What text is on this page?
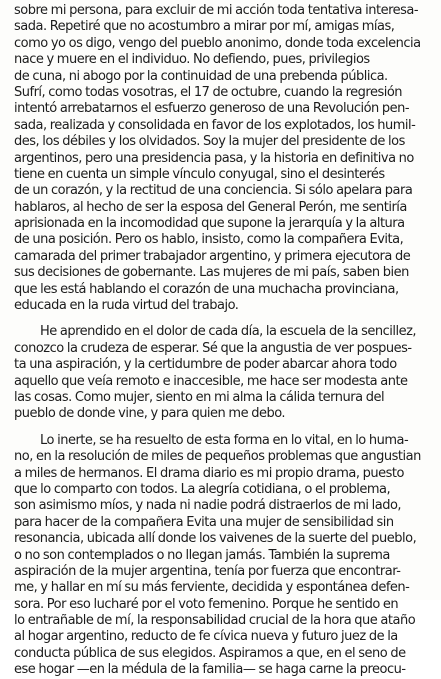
sobre mi persona, para excluir de mi acción toda tentativa interesa-
sada. Repetiré que no acostumbro a mirar por mí, amigas mías,
como yo os digo, vengo del pueblo anonimo, donde toda excelencia
nace y muere en el individuo. No defiendo, pues, privilegios
de cuna, ni abogo por la continuidad de una prebenda pública.
Sufrí, como todas vosotras, el 17 de octubre, cuando la regresión
intentó arrebatarnos el esfuerzo generoso de una Revolución pen-
sada, realizada y consolidada en favor de los explotados, los humil-
des, los débiles y los olvidados. Soy la mujer del presidente de los
argentinos, pero una presidencia pasa, y la historia en definitiva no
tiene en cuenta un simple vínculo conyugal, sino el desinterés
de un corazón, y la rectitud de una conciencia. Si sólo apelara para
hablaros, al hecho de ser la esposa del General Perón, me sentiría
aprisionada en la incomodidad que supone la jerarquía y la altura
de una posición. Pero os hablo, insisto, como la compañera Evita,
camarada del primer trabajador argentino, y primera ejecutora de
sus decisiones de gobernante. Las mujeres de mi país, saben bien
que les está hablando el corazón de una muchacha provinciana,
educada en la ruda virtud del trabajo.
He aprendido en el dolor de cada día, la escuela de la sencillez,
conozco la crudeza de esperar. Sé que la angustia de ver pospues-
ta una aspiración, y la certidumbre de poder abarcar ahora todo
aquello que veía remoto e inaccesible, me hace ser modesta ante
las cosas. Como mujer, siento en mi alma la cálida ternura del
pueblo de donde vine, y para quien me debo.
Lo inerte, se ha resuelto de esta forma en lo vital, en lo huma-
no, en la resolución de miles de pequeños problemas que angustian
a miles de hermanos. El drama diario es mi propio drama, puesto
que lo comparto con todos. La alegría cotidiana, o el problema,
son asimismo míos, y nada ni nadie podrá distraerlos de mi lado,
para hacer de la compañera Evita una mujer de sensibilidad sin
resonancia, ubicada allí donde los vaivenes de la suerte del pueblo,
o no son contemplados o no llegan jamás. También la suprema
aspiración de la mujer argentina, tenía por fuerza que encontrar-
me, y hallar en mí su más ferviente, decidida y espontánea defen-
sora. Por eso lucharé por el voto femenino. Porque he sentido en
lo entrañable de mí, la responsabilidad crucial de la hora que ataño
al hogar argentino, reducto de fe cívica nueva y futuro juez de la
conducta pública de sus elegidos. Aspiramos a que, en el seno de
ese hogar —en la médula de la familia— se haga carne la preocu-
